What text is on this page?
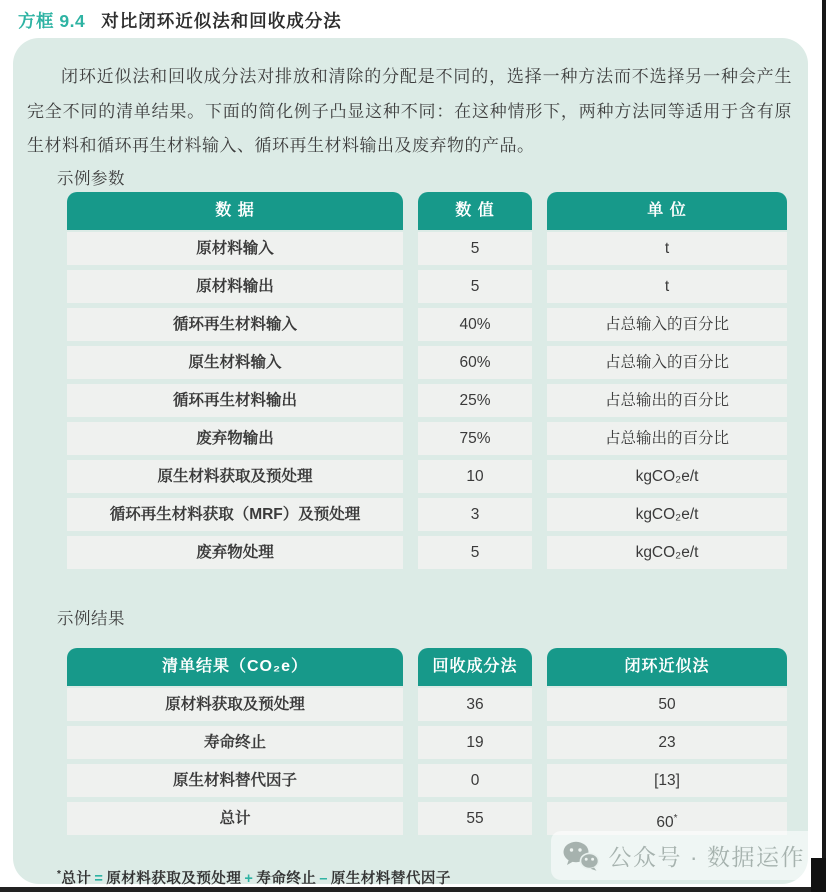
方框 9.4 对比闭环近似法和回收成分法

闭环近似法和回收成分法对排放和清除的分配是不同的，选择一种方法而不选择另一种会产生完全不同的清单结果。下面的简化例子凸显这种不同：在这种情形下，两种方法同等适用于含有原生材料和循环再生材料输入、循环再生材料输出及废弃物的产品。

示例参数
数 据	数 值	单 位
原材料输入	5	t
原材料输出	5	t
循环再生材料输入	40%	占总输入的百分比
原生材料输入	60%	占总输入的百分比
循环再生材料输出	25%	占总输出的百分比
废弃物输出	75%	占总输出的百分比
原生材料获取及预处理	10	kgCO₂e/t
循环再生材料获取（MRF）及预处理	3	kgCO₂e/t
废弃物处理	5	kgCO₂e/t
示例结果
清单结果（CO₂e）	回收成分法	闭环近似法
原材料获取及预处理	36	50
寿命终止	19	23
原生材料替代因子	0	[13]
总计	55	60*
*总计 = 原材料获取及预处理 + 寿命终止 – 原生材料替代因子
公众号 · 数据运作
